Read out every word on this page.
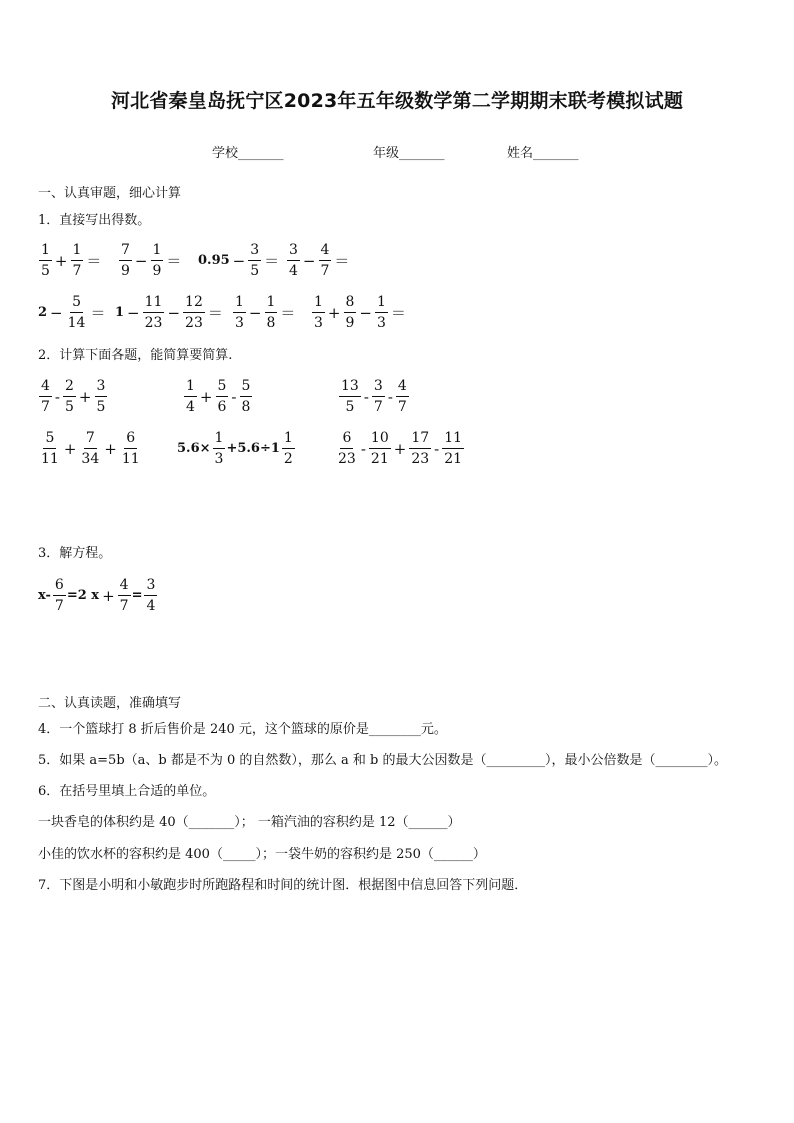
河北省秦皇岛抚宁区2023年五年级数学第二学期期末联考模拟试题
学校_______	年级_______	姓名_______
一、认真审题，细心计算
1．直接写出得数。
$\frac{1}{5} + \frac{1}{7} = \frac{7}{9} - \frac{1}{9} = 0.95 - \frac{3}{5} = \frac{3}{4} - \frac{4}{7}$ ＝
$2 - \frac{5}{14} = 1 - \frac{11}{23} - \frac{12}{23} = \frac{1}{3} - \frac{1}{8} = \frac{1}{3} + \frac{8}{9} - \frac{1}{3}$ ＝
2．计算下面各题，能简算要简算.
$\frac{4}{7} - \frac{2}{5} + \frac{3}{5}$	$\frac{1}{4} + \frac{5}{6} - \frac{5}{8}$	$\frac{13}{5} - \frac{3}{7} - \frac{4}{7}$
$\frac{5}{11} + \frac{7}{34} + \frac{6}{11}$	$5.6\times \frac{1}{3} +5.6\div 1 \frac{1}{2}$	$\frac{6}{23} - \frac{10}{21} + \frac{17}{23} - \frac{11}{21}$
3．解方程。
$x- \frac{6}{7} =2$ $x + \frac{4}{7} = \frac{3}{4}$
二、认真读题，准确填写
4．一个篮球打 8 折后售价是 240 元，这个篮球的原价是________元。
5．如果 a=5b（a、b 都是不为 0 的自然数），那么 a 和 b 的最大公因数是（_________），最小公倍数是（________）。
6．在括号里填上合适的单位。
一块香皂的体积约是 40（_______）； 一箱汽油的容积约是 12（______）
小佳的饮水杯的容积约是 400（_____）；一袋牛奶的容积约是 250（______）
7．下图是小明和小敏跑步时所跑路程和时间的统计图．根据图中信息回答下列问题．
